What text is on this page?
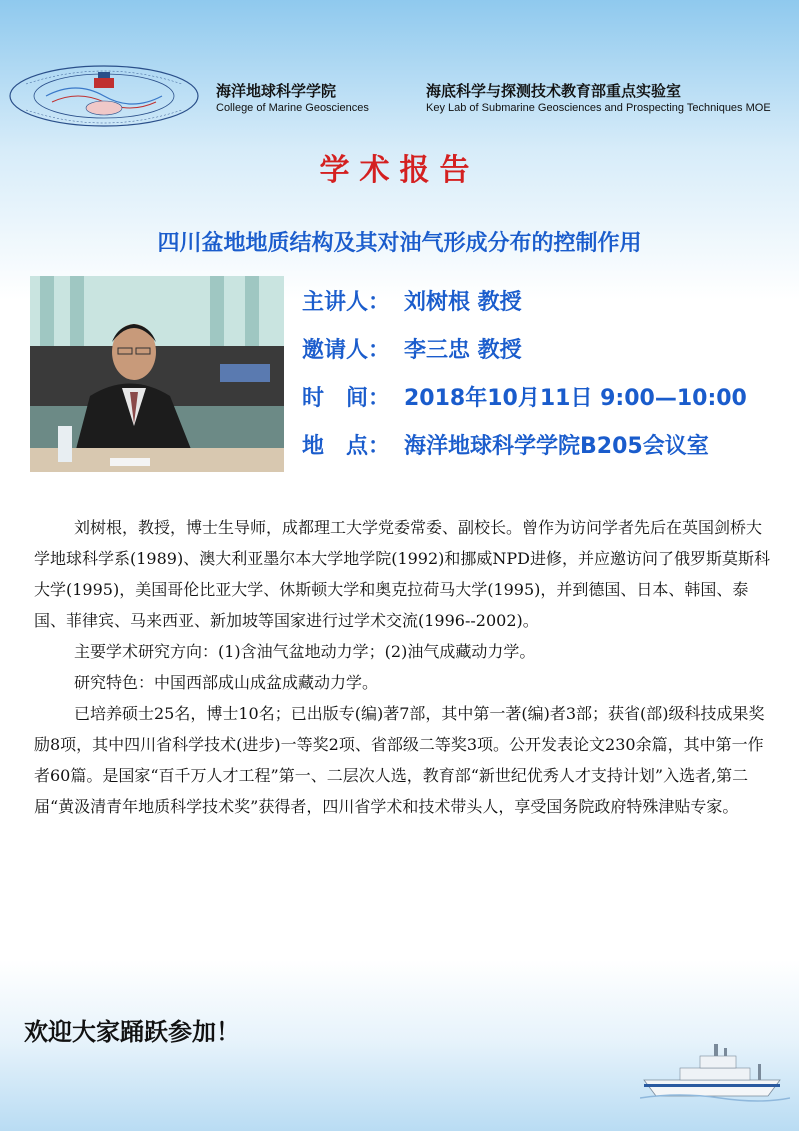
海洋地球科学学院
College of Marine Geosciences
海底科学与探测技术教育部重点实验室
Key Lab of Submarine Geosciences and Prospecting Techniques MOE
学术报告
四川盆地地质结构及其对油气形成分布的控制作用
主讲人： 刘树根 教授
邀请人： 李三忠 教授
时　间： 2018年10月11日 9:00—10:00
地　点： 海洋地球科学学院B205会议室

刘树根，教授，博士生导师，成都理工大学党委常委、副校长。曾作为访问学者先后在英国剑桥大学地球科学系(1989)、澳大利亚墨尔本大学地学院(1992)和挪威NPD进修，并应邀访问了俄罗斯莫斯科大学(1995)，美国哥伦比亚大学、休斯顿大学和奥克拉荷马大学(1995)，并到德国、日本、韩国、泰国、菲律宾、马来西亚、新加坡等国家进行过学术交流(1996--2002)。

主要学术研究方向：(1)含油气盆地动力学；(2)油气成藏动力学。

研究特色：中国西部成山成盆成藏动力学。

已培养硕士25名，博士10名；已出版专(编)著7部，其中第一著(编)者3部；获省(部)级科技成果奖励8项，其中四川省科学技术(进步)一等奖2项、省部级二等奖3项。公开发表论文230余篇，其中第一作者60篇。是国家“百千万人才工程”第一、二层次人选，教育部“新世纪优秀人才支持计划”入选者,第二届“黄汲清青年地质科学技术奖”获得者，四川省学术和技术带头人，享受国务院政府特殊津贴专家。

欢迎大家踊跃参加！
